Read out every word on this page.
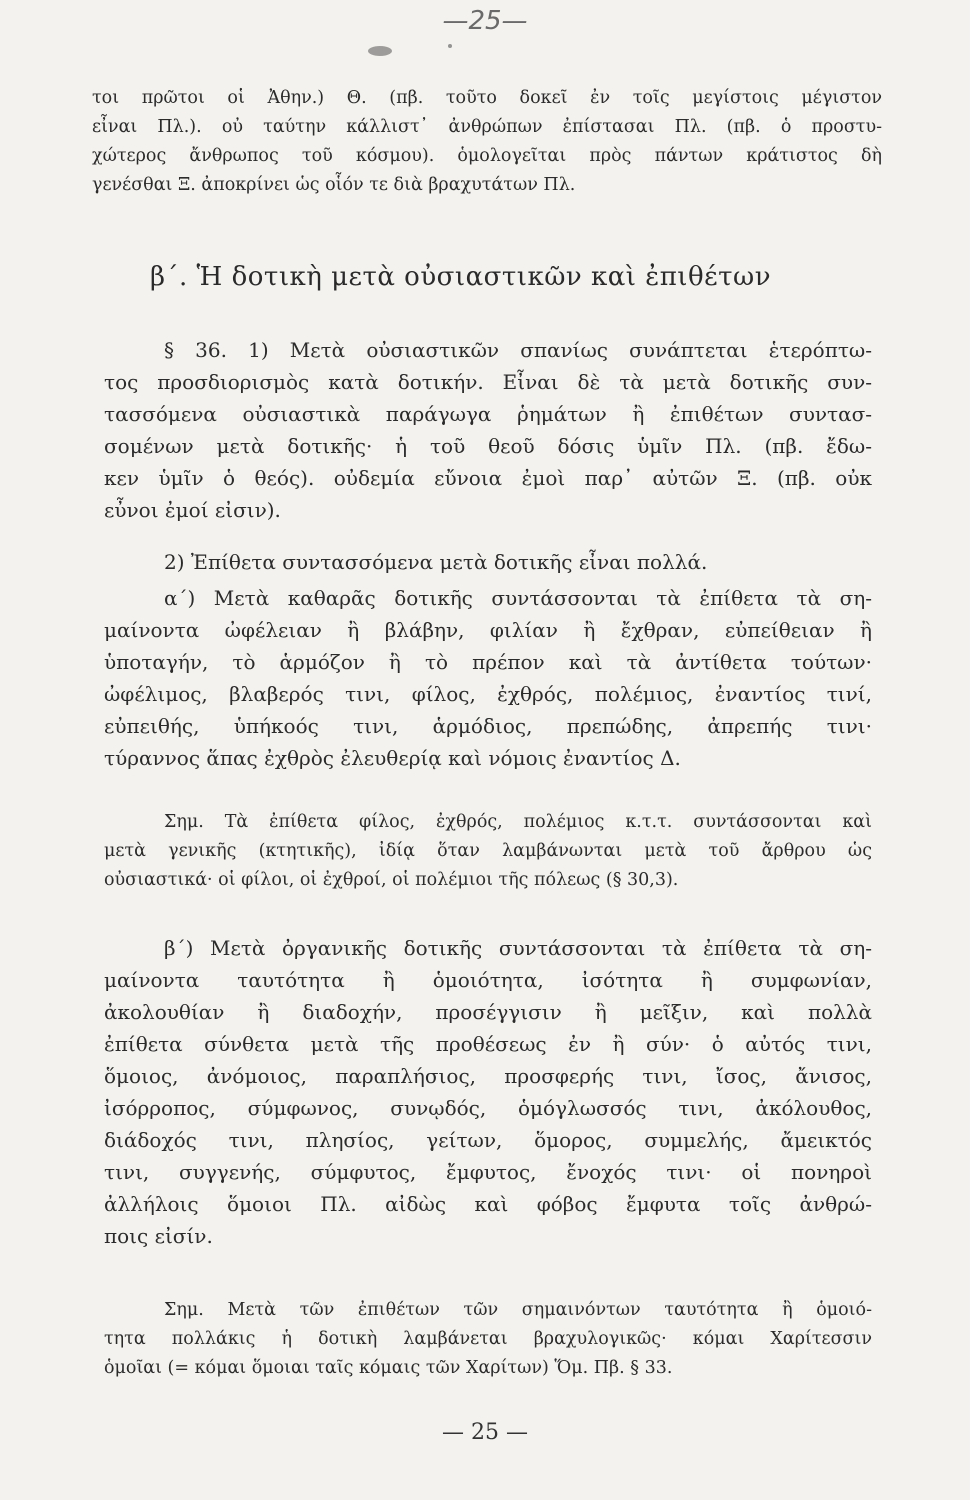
—25—
τοι πρῶτοι οἱ Ἀθην.) Θ. (πβ. τοῦτο δοκεῖ ἐν τοῖς μεγίστοις μέγιστον
εἶναι Πλ.). οὐ ταύτην κάλλιστ᾽ ἀνθρώπων ἐπίστασαι Πλ. (πβ. ὁ προστυ-
χώτερος ἄνθρωπος τοῦ κόσμου). ὁμολογεῖται πρὸς πάντων κράτιστος δὴ
γενέσθαι Ξ. ἀποκρίνει ὡς οἷόν τε διὰ βραχυτάτων Πλ.
β΄. Ἡ δοτικὴ μετὰ οὐσιαστικῶν καὶ ἐπιθέτων
§ 36. 1) Μετὰ οὐσιαστικῶν σπανίως συνάπτεται ἑτερόπτω-
τος προσδιορισμὸς κατὰ δοτικήν. Εἶναι δὲ τὰ μετὰ δοτικῆς συν-
τασσόμενα οὐσιαστικὰ παράγωγα ῥημάτων ἢ ἐπιθέτων συντασ-
σομένων μετὰ δοτικῆς· ἡ τοῦ θεοῦ δόσις ὑμῖν Πλ. (πβ. ἔδω-
κεν ὑμῖν ὁ θεός). οὐδεμία εὔνοια ἐμοὶ παρ᾽ αὐτῶν Ξ. (πβ. οὐκ
εὖνοι ἐμοί εἰσιν).
2) Ἐπίθετα συντασσόμενα μετὰ δοτικῆς εἶναι πολλά.
α΄) Μετὰ καθαρᾶς δοτικῆς συντάσσονται τὰ ἐπίθετα τὰ ση-
μαίνοντα ὠφέλειαν ἢ βλάβην, φιλίαν ἢ ἔχθραν, εὐπείθειαν ἢ
ὑποταγήν, τὸ ἁρμόζον ἢ τὸ πρέπον καὶ τὰ ἀντίθετα τούτων·
ὠφέλιμος, βλαβερός τινι, φίλος, ἐχθρός, πολέμιος, ἐναντίος τινί,
εὐπειθής, ὑπήκοός τινι, ἁρμόδιος, πρεπώδης, ἀπρεπής τινι·
τύραννος ἅπας ἐχθρὸς ἐλευθερίᾳ καὶ νόμοις ἐναντίος Δ.
Σημ. Τὰ ἐπίθετα φίλος, ἐχθρός, πολέμιος κ.τ.τ. συντάσσονται καὶ
μετὰ γενικῆς (κτητικῆς), ἰδίᾳ ὅταν λαμβάνωνται μετὰ τοῦ ἄρθρου ὡς
οὐσιαστικά· οἱ φίλοι, οἱ ἐχθροί, οἱ πολέμιοι τῆς πόλεως (§ 30,3).
β΄) Μετὰ ὀργανικῆς δοτικῆς συντάσσονται τὰ ἐπίθετα τὰ ση-
μαίνοντα ταυτότητα ἢ ὁμοιότητα, ἰσότητα ἢ συμφωνίαν,
ἀκολουθίαν ἢ διαδοχήν, προσέγγισιν ἢ μεῖξιν, καὶ πολλὰ
ἐπίθετα σύνθετα μετὰ τῆς προθέσεως ἐν ἢ σύν· ὁ αὐτός τινι,
ὅμοιος, ἀνόμοιος, παραπλήσιος, προσφερής τινι, ἴσος, ἄνισος,
ἰσόρροπος, σύμφωνος, συνῳδός, ὁμόγλωσσός τινι, ἀκόλουθος,
διάδοχός τινι, πλησίος, γείτων, ὅμορος, συμμελής, ἄμεικτός
τινι, συγγενής, σύμφυτος, ἔμφυτος, ἔνοχός τινι· οἱ πονηροὶ
ἀλλήλοις ὅμοιοι Πλ. αἰδὼς καὶ φόβος ἔμφυτα τοῖς ἀνθρώ-
ποις εἰσίν.
Σημ. Μετὰ τῶν ἐπιθέτων τῶν σημαινόντων ταυτότητα ἢ ὁμοιό-
τητα πολλάκις ἡ δοτικὴ λαμβάνεται βραχυλογικῶς· κόμαι Χαρίτεσσιν
ὁμοῖαι (= κόμαι ὅμοιαι ταῖς κόμαις τῶν Χαρίτων) Ὅμ. Πβ. § 33.
— 25 —
